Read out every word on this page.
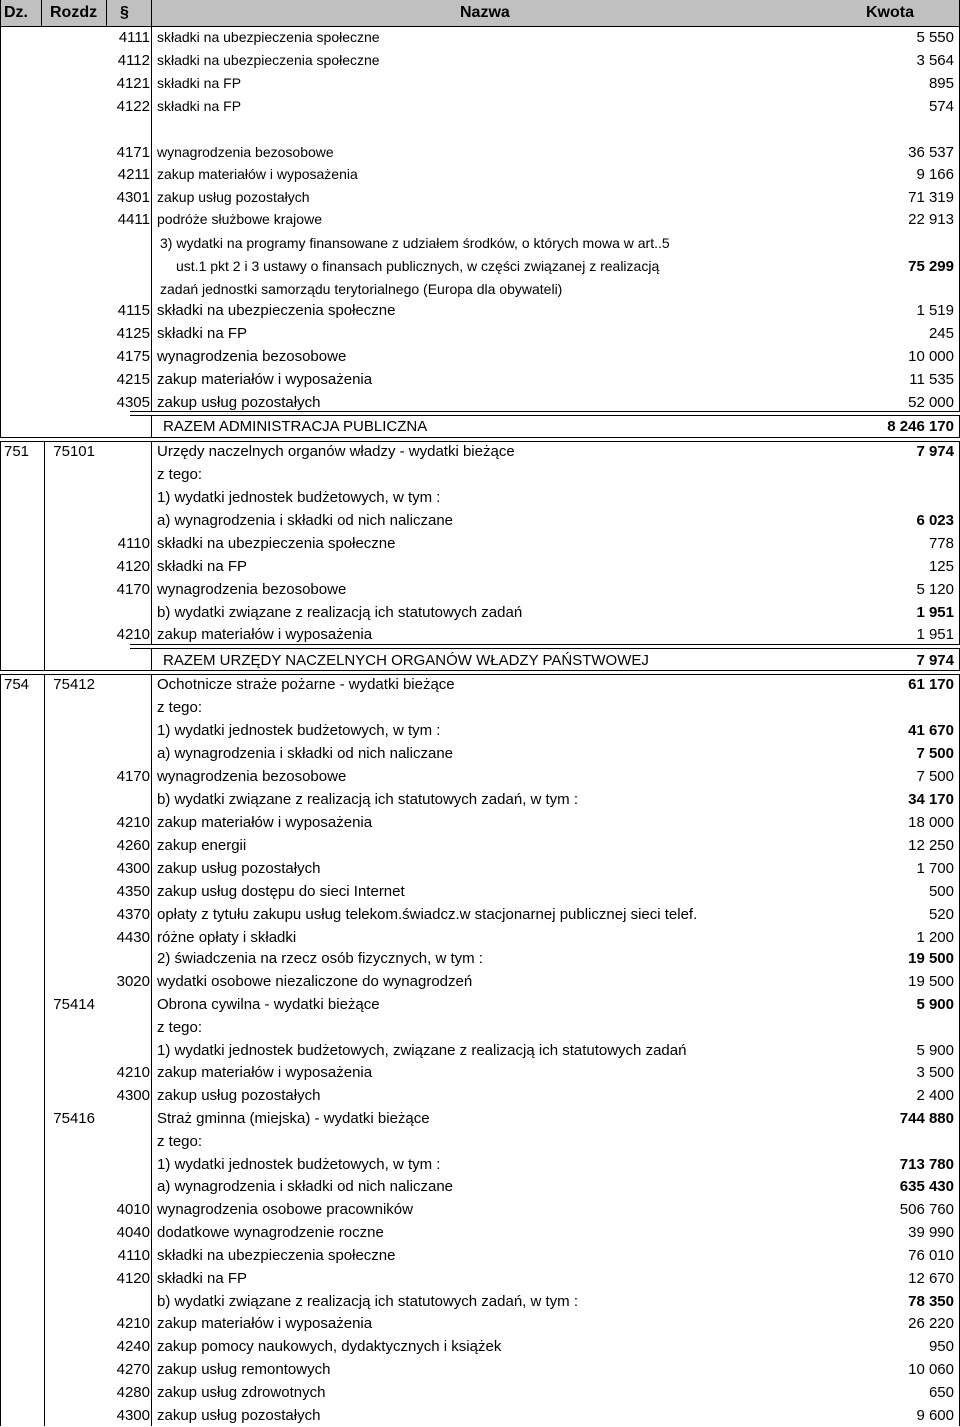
Dz. Rozdz §	Nazwa	Kwota
4111 składki na ubezpieczenia społeczne	5 550
4112 składki na ubezpieczenia społeczne	3 564
4121 składki na FP	895
4122 składki na FP	574
4171 wynagrodzenia bezosobowe	36 537
4211 zakup materiałów i wyposażenia	9 166
4301 zakup usług pozostałych	71 319
4411 podróże służbowe krajowe	22 913
3) wydatki na programy finansowane z udziałem środków, o których mowa w art..5
ust.1 pkt 2 i 3 ustawy o finansach publicznych, w części związanej z realizacją	75 299
zadań jednostki samorządu terytorialnego (Europa dla obywateli)
4115 składki na ubezpieczenia społeczne	1 519
4125 składki na FP	245
4175 wynagrodzenia bezosobowe	10 000
4215 zakup materiałów i wyposażenia	11 535
4305 zakup usług pozostałych	52 000
RAZEM ADMINISTRACJA PUBLICZNA	8 246 170
751	75101	Urzędy naczelnych organów władzy - wydatki bieżące	7 974
z tego:
1) wydatki jednostek budżetowych, w tym :
a) wynagrodzenia i składki od nich naliczane	6 023
4110 składki na ubezpieczenia społeczne	778
4120 składki na FP	125
4170 wynagrodzenia bezosobowe	5 120
b) wydatki związane z realizacją ich statutowych zadań	1 951
4210 zakup materiałów i wyposażenia	1 951
RAZEM URZĘDY NACZELNYCH ORGANÓW WŁADZY PAŃSTWOWEJ	7 974
754	75412	Ochotnicze straże pożarne - wydatki bieżące	61 170
z tego:
1) wydatki jednostek budżetowych, w tym :	41 670
a) wynagrodzenia i składki od nich naliczane	7 500
4170 wynagrodzenia bezosobowe	7 500
b) wydatki związane z realizacją ich statutowych zadań, w tym :	34 170
4210 zakup materiałów i wyposażenia	18 000
4260 zakup energii	12 250
4300 zakup usług pozostałych	1 700
4350 zakup usług dostępu do sieci Internet	500
4370 opłaty z tytułu zakupu usług telekom.świadcz.w stacjonarnej publicznej sieci telef.	520
4430 różne opłaty i składki	1 200
2) świadczenia na rzecz osób fizycznych, w tym :	19 500
3020 wydatki osobowe niezaliczone do wynagrodzeń	19 500
75414	Obrona cywilna - wydatki bieżące	5 900
z tego:
1) wydatki jednostek budżetowych, związane z realizacją ich statutowych zadań	5 900
4210 zakup materiałów i wyposażenia	3 500
4300 zakup usług pozostałych	2 400
75416	Straż gminna (miejska) - wydatki bieżące	744 880
z tego:
1) wydatki jednostek budżetowych, w tym :	713 780
a) wynagrodzenia i składki od nich naliczane	635 430
4010 wynagrodzenia osobowe pracowników	506 760
4040 dodatkowe wynagrodzenie roczne	39 990
4110 składki na ubezpieczenia społeczne	76 010
4120 składki na FP	12 670
b) wydatki związane z realizacją ich statutowych zadań, w tym :	78 350
4210 zakup materiałów i wyposażenia	26 220
4240 zakup pomocy naukowych, dydaktycznych i książek	950
4270 zakup usług remontowych	10 060
4280 zakup usług zdrowotnych	650
4300 zakup usług pozostałych	9 600
